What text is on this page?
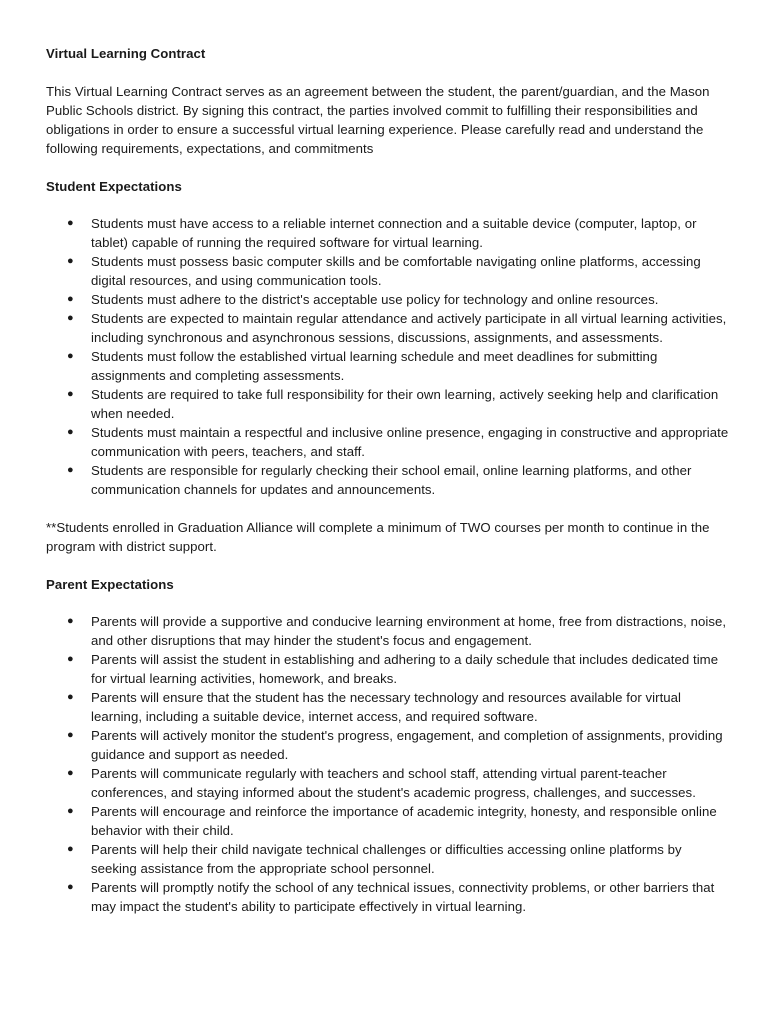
Virtual Learning Contract

This Virtual Learning Contract serves as an agreement between the student, the parent/guardian, and the Mason Public Schools district. By signing this contract, the parties involved commit to fulfilling their responsibilities and obligations in order to ensure a successful virtual learning experience. Please carefully read and understand the following requirements, expectations, and commitments

Student Expectations
● Students must have access to a reliable internet connection and a suitable device (computer, laptop, or tablet) capable of running the required software for virtual learning.
● Students must possess basic computer skills and be comfortable navigating online platforms, accessing digital resources, and using communication tools.
● Students must adhere to the district's acceptable use policy for technology and online resources.
● Students are expected to maintain regular attendance and actively participate in all virtual learning activities, including synchronous and asynchronous sessions, discussions, assignments, and assessments.
● Students must follow the established virtual learning schedule and meet deadlines for submitting assignments and completing assessments.
● Students are required to take full responsibility for their own learning, actively seeking help and clarification when needed.
● Students must maintain a respectful and inclusive online presence, engaging in constructive and appropriate communication with peers, teachers, and staff.
● Students are responsible for regularly checking their school email, online learning platforms, and other communication channels for updates and announcements.

**Students enrolled in Graduation Alliance will complete a minimum of TWO courses per month to continue in the program with district support.

Parent Expectations
● Parents will provide a supportive and conducive learning environment at home, free from distractions, noise, and other disruptions that may hinder the student's focus and engagement.
● Parents will assist the student in establishing and adhering to a daily schedule that includes dedicated time for virtual learning activities, homework, and breaks.
● Parents will ensure that the student has the necessary technology and resources available for virtual learning, including a suitable device, internet access, and required software.
● Parents will actively monitor the student's progress, engagement, and completion of assignments, providing guidance and support as needed.
● Parents will communicate regularly with teachers and school staff, attending virtual parent-teacher conferences, and staying informed about the student's academic progress, challenges, and successes.
● Parents will encourage and reinforce the importance of academic integrity, honesty, and responsible online behavior with their child.
● Parents will help their child navigate technical challenges or difficulties accessing online platforms by seeking assistance from the appropriate school personnel.
● Parents will promptly notify the school of any technical issues, connectivity problems, or other barriers that may impact the student's ability to participate effectively in virtual learning.
